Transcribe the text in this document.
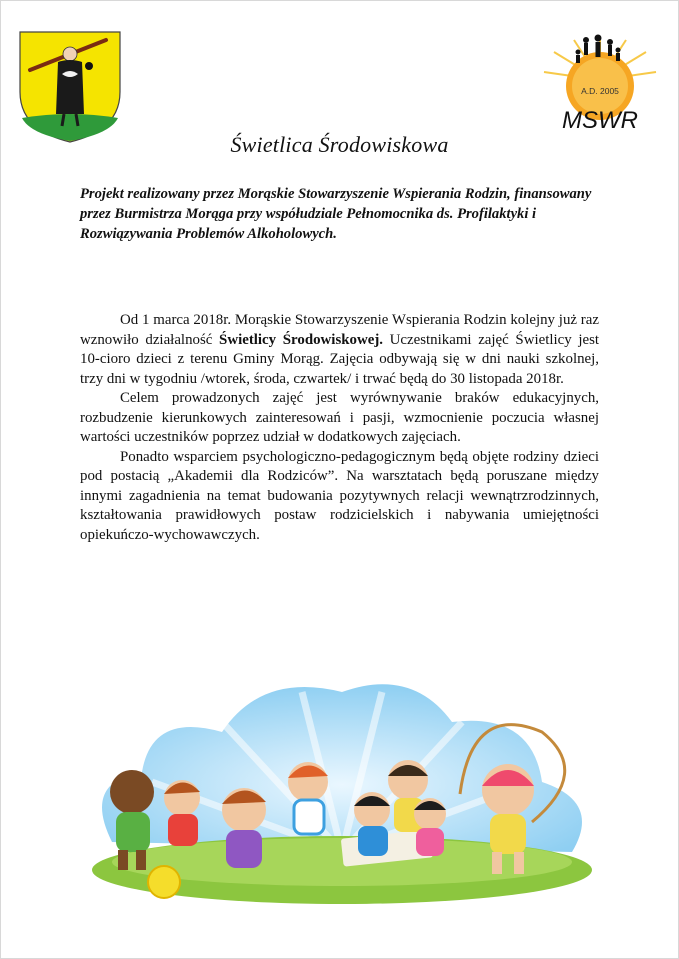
A.D. 2005
MSWR
Świetlica Środowiskowa
Projekt realizowany przez Morąskie Stowarzyszenie Wspierania Rodzin, finansowany przez Burmistrza Morąga przy współudziale Pełnomocnika ds. Profilaktyki i Rozwiązywania Problemów Alkoholowych.

Od 1 marca 2018r. Morąskie Stowarzyszenie Wspierania Rodzin kolejny już raz wznowiło działalność Świetlicy Środowiskowej. Uczestnikami zajęć Świetlicy jest 10-cioro dzieci z terenu Gminy Morąg. Zajęcia odbywają się w dni nauki szkolnej, trzy dni w tygodniu /wtorek, środa, czwartek/ i trwać będą do 30 listopada 2018r.

Celem prowadzonych zajęć jest wyrównywanie braków edukacyjnych, rozbudzenie kierunkowych zainteresowań i pasji, wzmocnienie poczucia własnej wartości uczestników poprzez udział w dodatkowych zajęciach.

Ponadto wsparciem psychologiczno-pedagogicznym będą objęte rodziny dzieci pod postacią „Akademii dla Rodziców”. Na warsztatach będą poruszane między innymi zagadnienia na temat budowania pozytywnych relacji wewnątrzrodzinnych, kształtowania prawidłowych postaw rodzicielskich i nabywania umiejętności opiekuńczo-wychowawczych.
